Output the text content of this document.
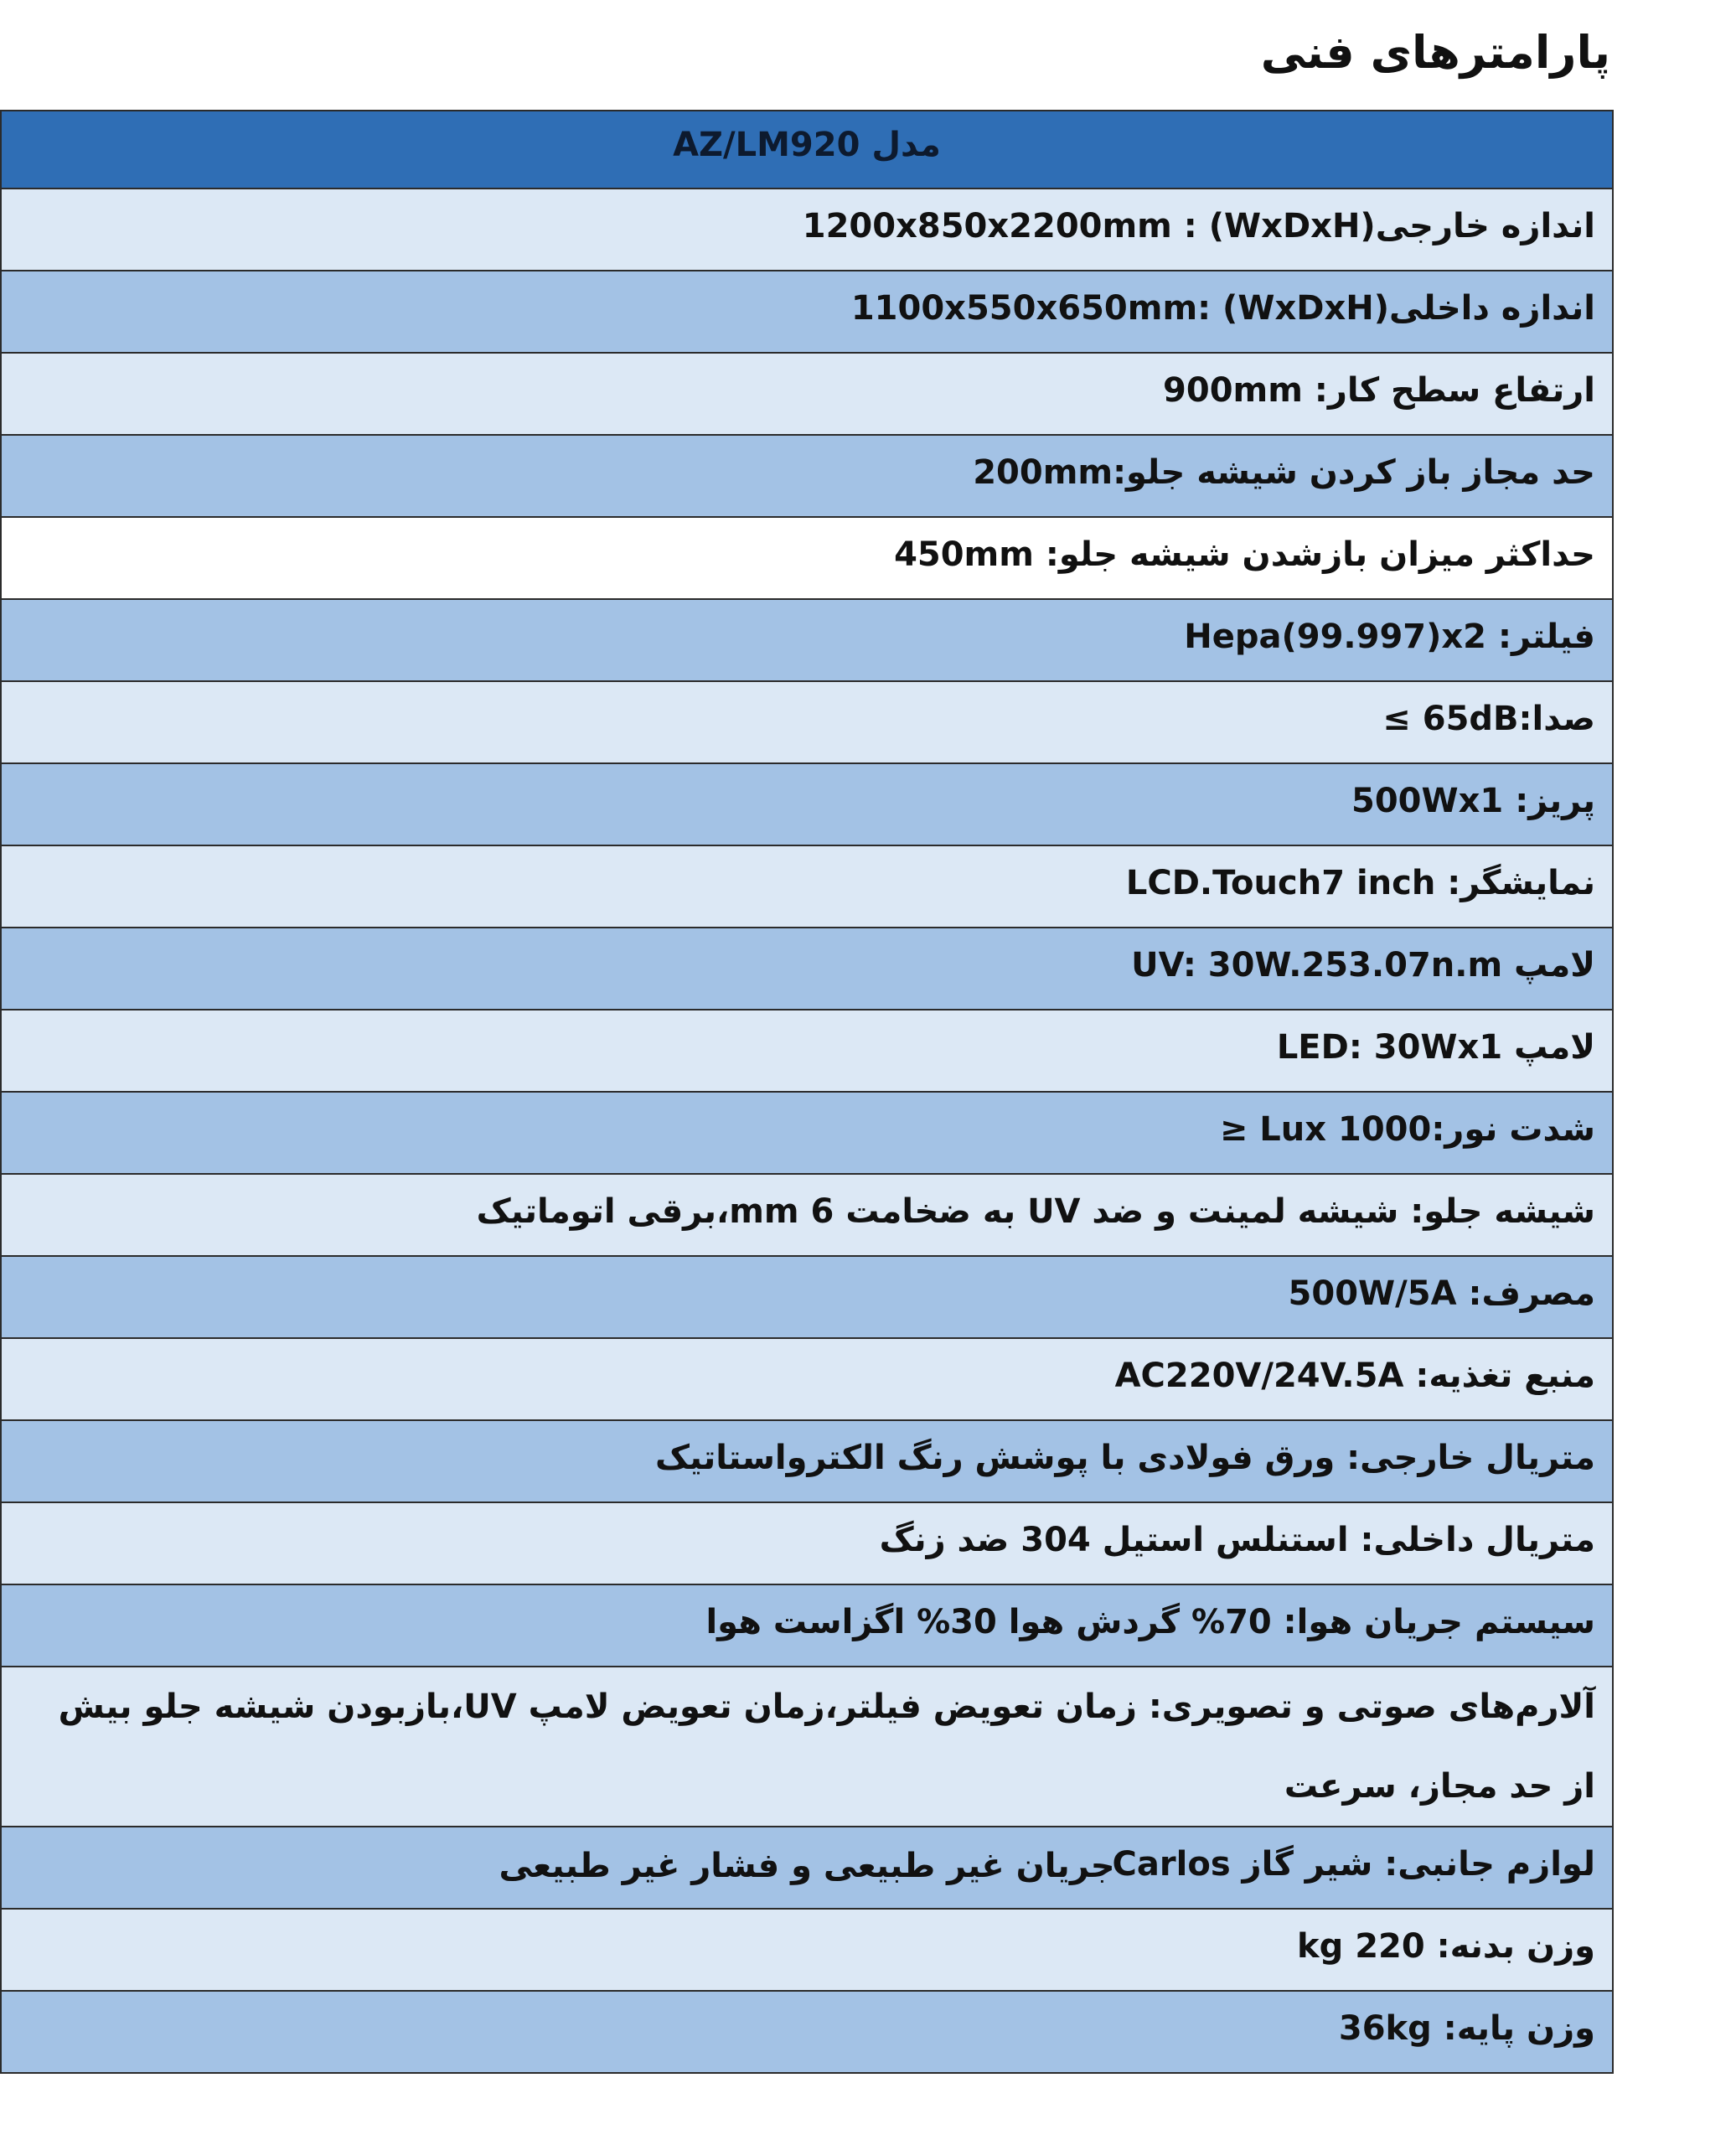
پارامترهای فنی
مدل AZ/LM920
اندازه خارجی(WxDxH) : 1200x850x2200mm
اندازه داخلی(WxDxH) :1100x550x650mm
ارتفاع سطح کار: 900mm
حد مجاز باز کردن شیشه جلو:200mm
حداکثر میزان بازشدن شیشه جلو: 450mm
فیلتر: Hepa(99.997)x2
صدا:65dB ≥
پریز: 500Wx1
نمایشگر: LCD.Touch7 inch
لامپ UV: 30W.253.07n.m
لامپ LED: 30Wx1
شدت نور:1000 Lux ≤
شیشه جلو: شیشه لمینت و ضد UV به ضخامت 6 mm،برقی اتوماتیک
مصرف: 500W/5A
منبع تغذیه: AC220V/24V.5A
متریال خارجی: ورق فولادی با پوشش رنگ الکترواستاتیک
متریال داخلی: استنلس استیل 304 ضد زنگ
سیستم جریان هوا: 70% گردش هوا 30% اگزاست هوا
آلارم‌های صوتی و تصویری: زمان تعویض فیلتر،زمان تعویض لامپ UV،بازبودن شیشه جلو بیش از حد مجاز، سرعت
جریان غیر طبیعی و فشار غیر طبیعی
لوازم جانبی: شیر گاز Carlos
وزن بدنه: 220 kg
وزن پایه: 36kg
